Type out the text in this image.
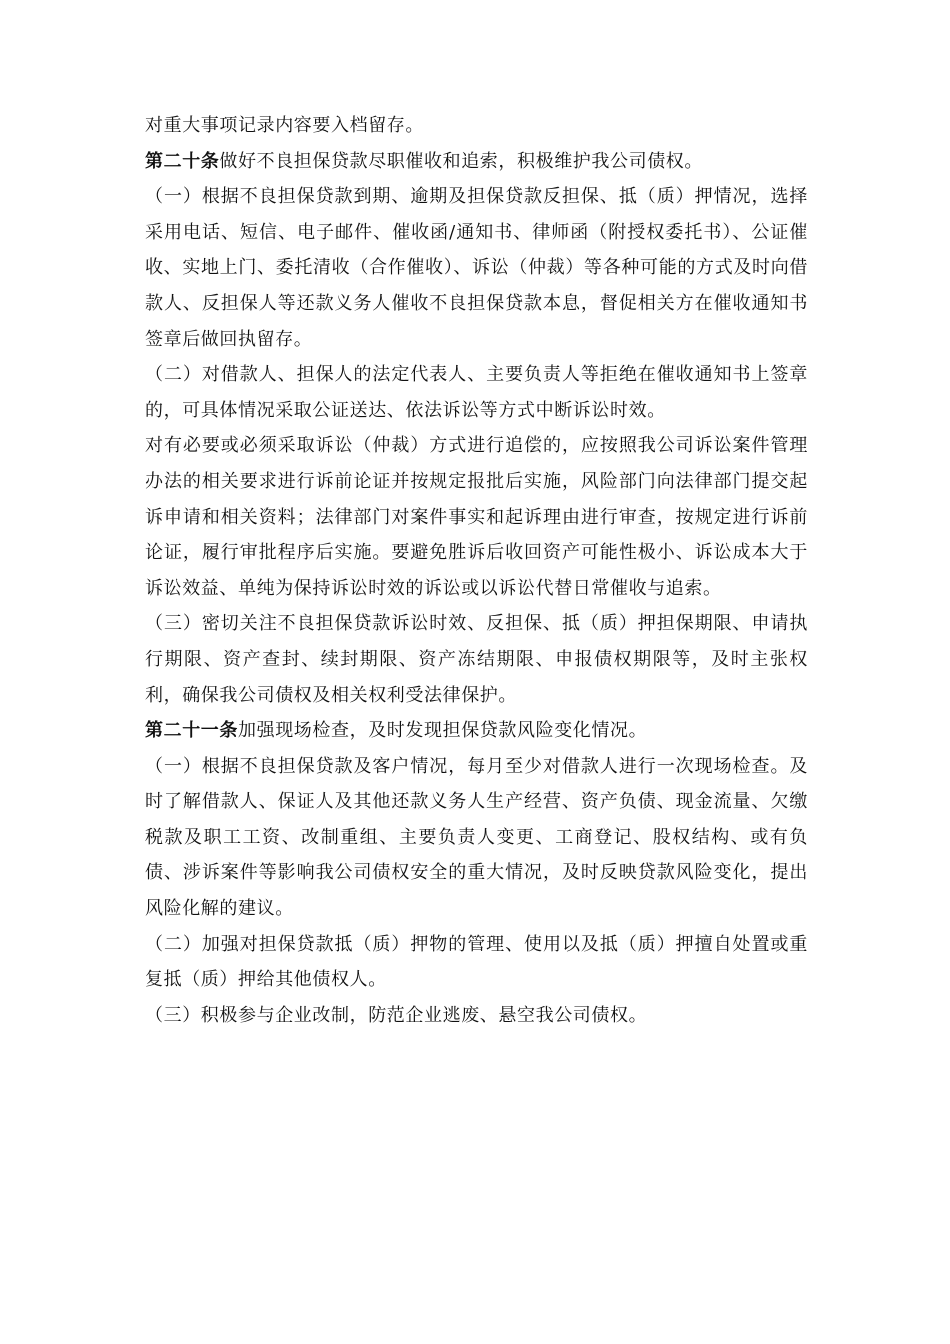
对重大事项记录内容要入档留存。

第二十条做好不良担保贷款尽职催收和追索，积极维护我公司债权。

（一）根据不良担保贷款到期、逾期及担保贷款反担保、抵（质）押情况，选择采用电话、短信、电子邮件、催收函/通知书、律师函（附授权委托书）、公证催收、实地上门、委托清收（合作催收）、诉讼（仲裁）等各种可能的方式及时向借款人、反担保人等还款义务人催收不良担保贷款本息，督促相关方在催收通知书签章后做回执留存。

（二）对借款人、担保人的法定代表人、主要负责人等拒绝在催收通知书上签章的，可具体情况采取公证送达、依法诉讼等方式中断诉讼时效。

对有必要或必须采取诉讼（仲裁）方式进行追偿的，应按照我公司诉讼案件管理办法的相关要求进行诉前论证并按规定报批后实施，风险部门向法律部门提交起诉申请和相关资料；法律部门对案件事实和起诉理由进行审查，按规定进行诉前论证，履行审批程序后实施。要避免胜诉后收回资产可能性极小、诉讼成本大于诉讼效益、单纯为保持诉讼时效的诉讼或以诉讼代替日常催收与追索。

（三）密切关注不良担保贷款诉讼时效、反担保、抵（质）押担保期限、申请执行期限、资产查封、续封期限、资产冻结期限、申报债权期限等，及时主张权利，确保我公司债权及相关权利受法律保护。

第二十一条加强现场检查，及时发现担保贷款风险变化情况。

（一）根据不良担保贷款及客户情况，每月至少对借款人进行一次现场检查。及时了解借款人、保证人及其他还款义务人生产经营、资产负债、现金流量、欠缴税款及职工工资、改制重组、主要负责人变更、工商登记、股权结构、或有负债、涉诉案件等影响我公司债权安全的重大情况，及时反映贷款风险变化，提出风险化解的建议。

（二）加强对担保贷款抵（质）押物的管理、使用以及抵（质）押擅自处置或重复抵（质）押给其他债权人。

（三）积极参与企业改制，防范企业逃废、悬空我公司债权。
